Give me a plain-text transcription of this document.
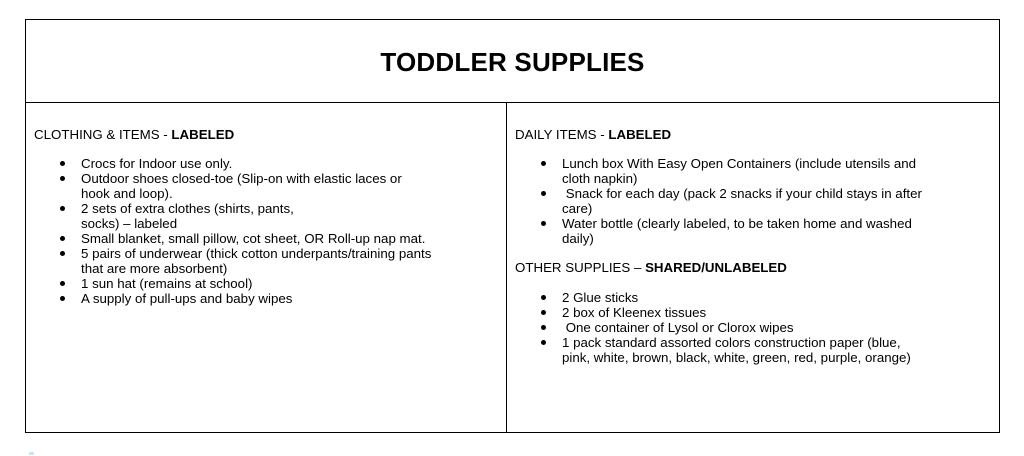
TODDLER SUPPLIES

CLOTHING & ITEMS - LABELED

Crocs for Indoor use only.
Outdoor shoes closed-toe (Slip-on with elastic laces or
hook and loop).
2 sets of extra clothes (shirts, pants,
socks) – labeled
Small blanket, small pillow, cot sheet, OR Roll-up nap mat.
5 pairs of underwear (thick cotton underpants/training pants
that are more absorbent)
1 sun hat (remains at school)
A supply of pull-ups and baby wipes

DAILY ITEMS - LABELED

Lunch box With Easy Open Containers (include utensils and
cloth napkin)
Snack for each day (pack 2 snacks if your child stays in after
care)
Water bottle (clearly labeled, to be taken home and washed
daily)

OTHER SUPPLIES – SHARED/UNLABELED

2 Glue sticks
2 box of Kleenex tissues
One container of Lysol or Clorox wipes
1 pack standard assorted colors construction paper (blue,
pink, white, brown, black, white, green, red, purple, orange)
